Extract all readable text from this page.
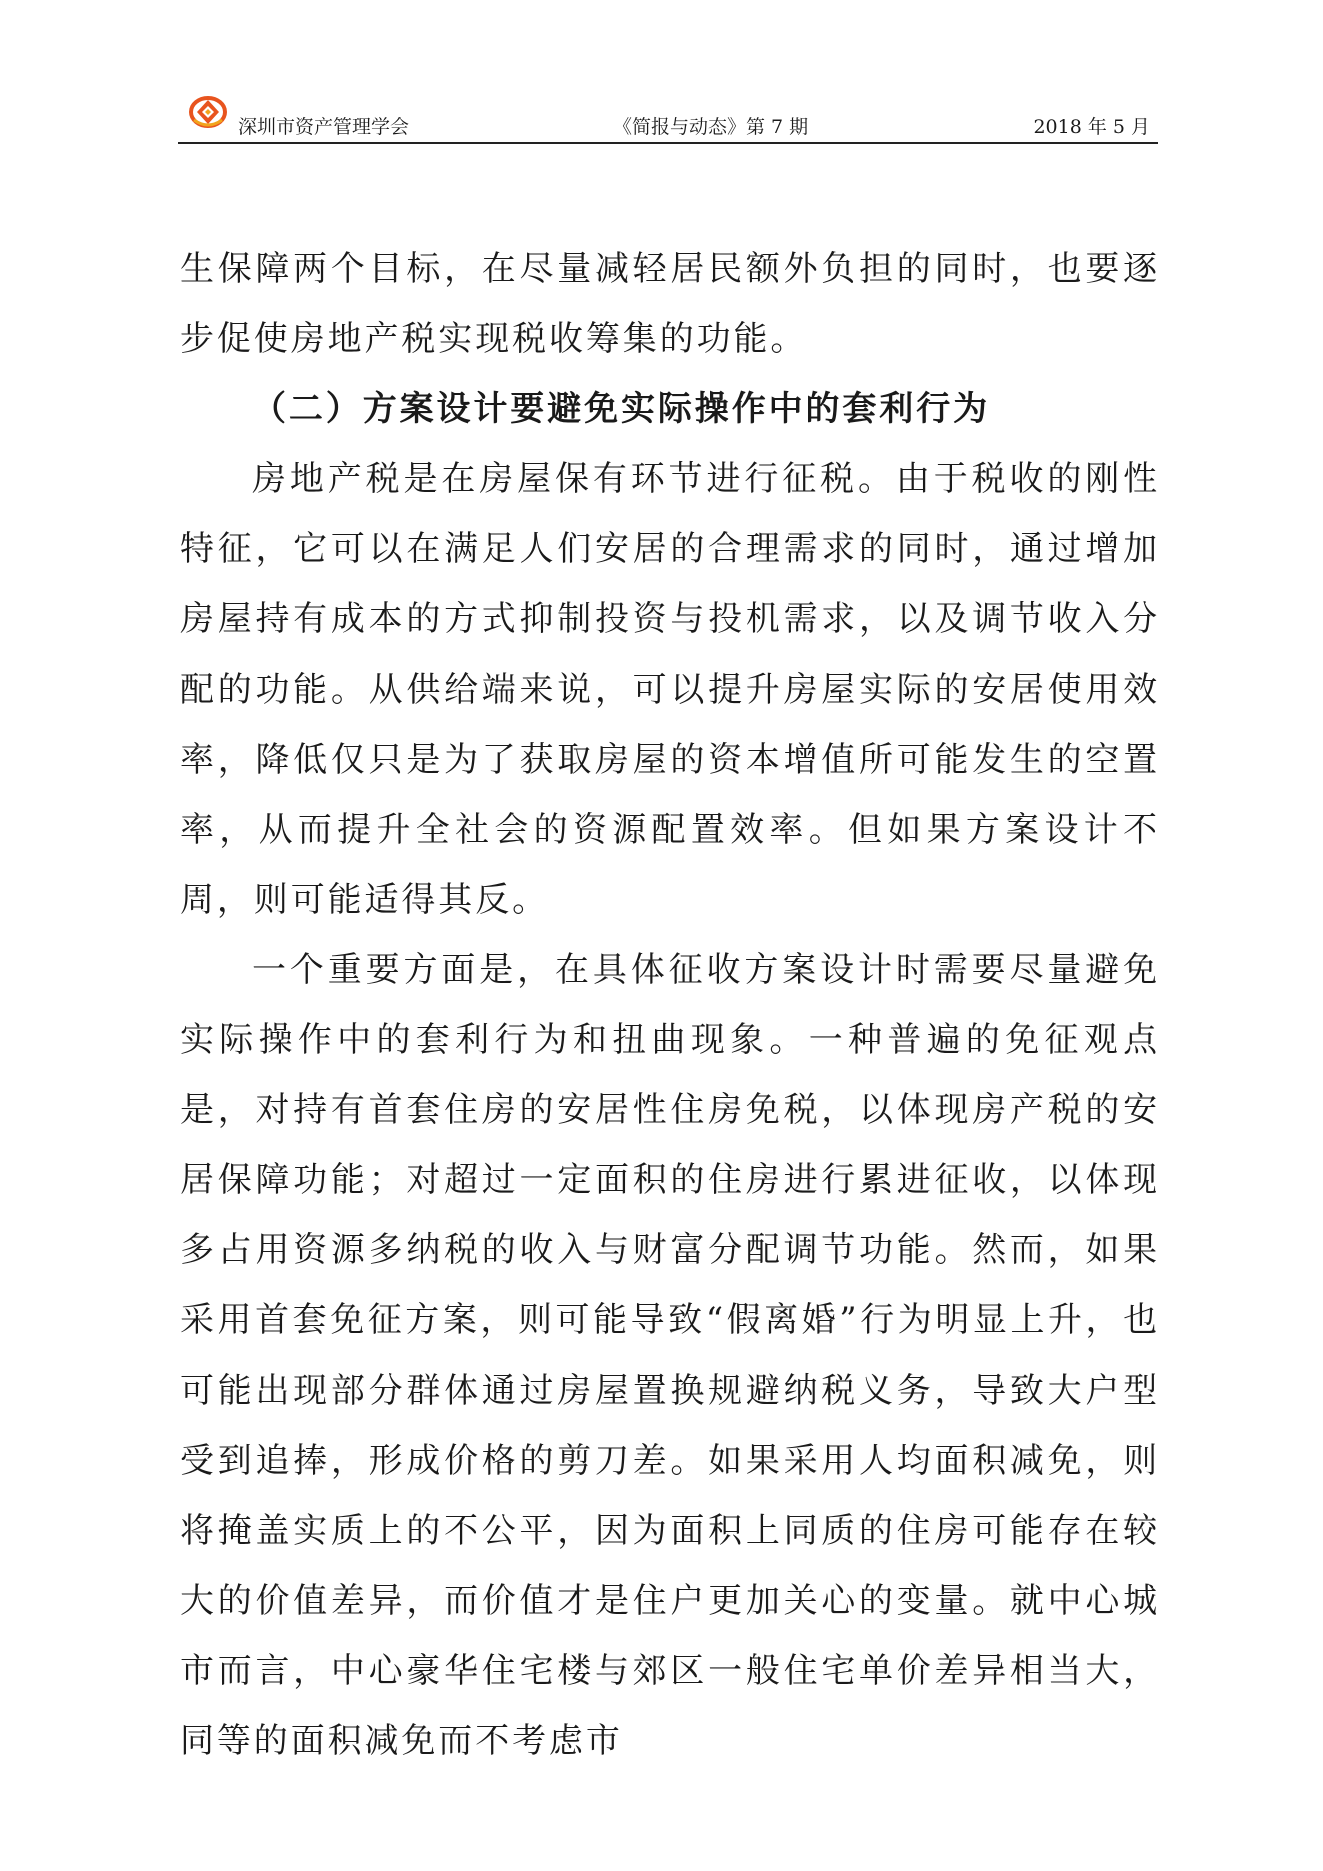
深圳市资产管理学会	《简报与动态》第 7 期	2018 年 5 月

生保障两个目标，在尽量减轻居民额外负担的同时，也要逐步促使房地产税实现税收筹集的功能。

（二）方案设计要避免实际操作中的套利行为

房地产税是在房屋保有环节进行征税。由于税收的刚性特征，它可以在满足人们安居的合理需求的同时，通过增加房屋持有成本的方式抑制投资与投机需求，以及调节收入分配的功能。从供给端来说，可以提升房屋实际的安居使用效率，降低仅只是为了获取房屋的资本增值所可能发生的空置率，从而提升全社会的资源配置效率。但如果方案设计不周，则可能适得其反。

一个重要方面是，在具体征收方案设计时需要尽量避免实际操作中的套利行为和扭曲现象。一种普遍的免征观点是，对持有首套住房的安居性住房免税，以体现房产税的安居保障功能；对超过一定面积的住房进行累进征收，以体现多占用资源多纳税的收入与财富分配调节功能。然而，如果采用首套免征方案，则可能导致“假离婚”行为明显上升，也可能出现部分群体通过房屋置换规避纳税义务，导致大户型受到追捧，形成价格的剪刀差。如果采用人均面积减免，则将掩盖实质上的不公平，因为面积上同质的住房可能存在较大的价值差异，而价值才是住户更加关心的变量。就中心城市而言，中心豪华住宅楼与郊区一般住宅单价差异相当大，同等的面积减免而不考虑市
